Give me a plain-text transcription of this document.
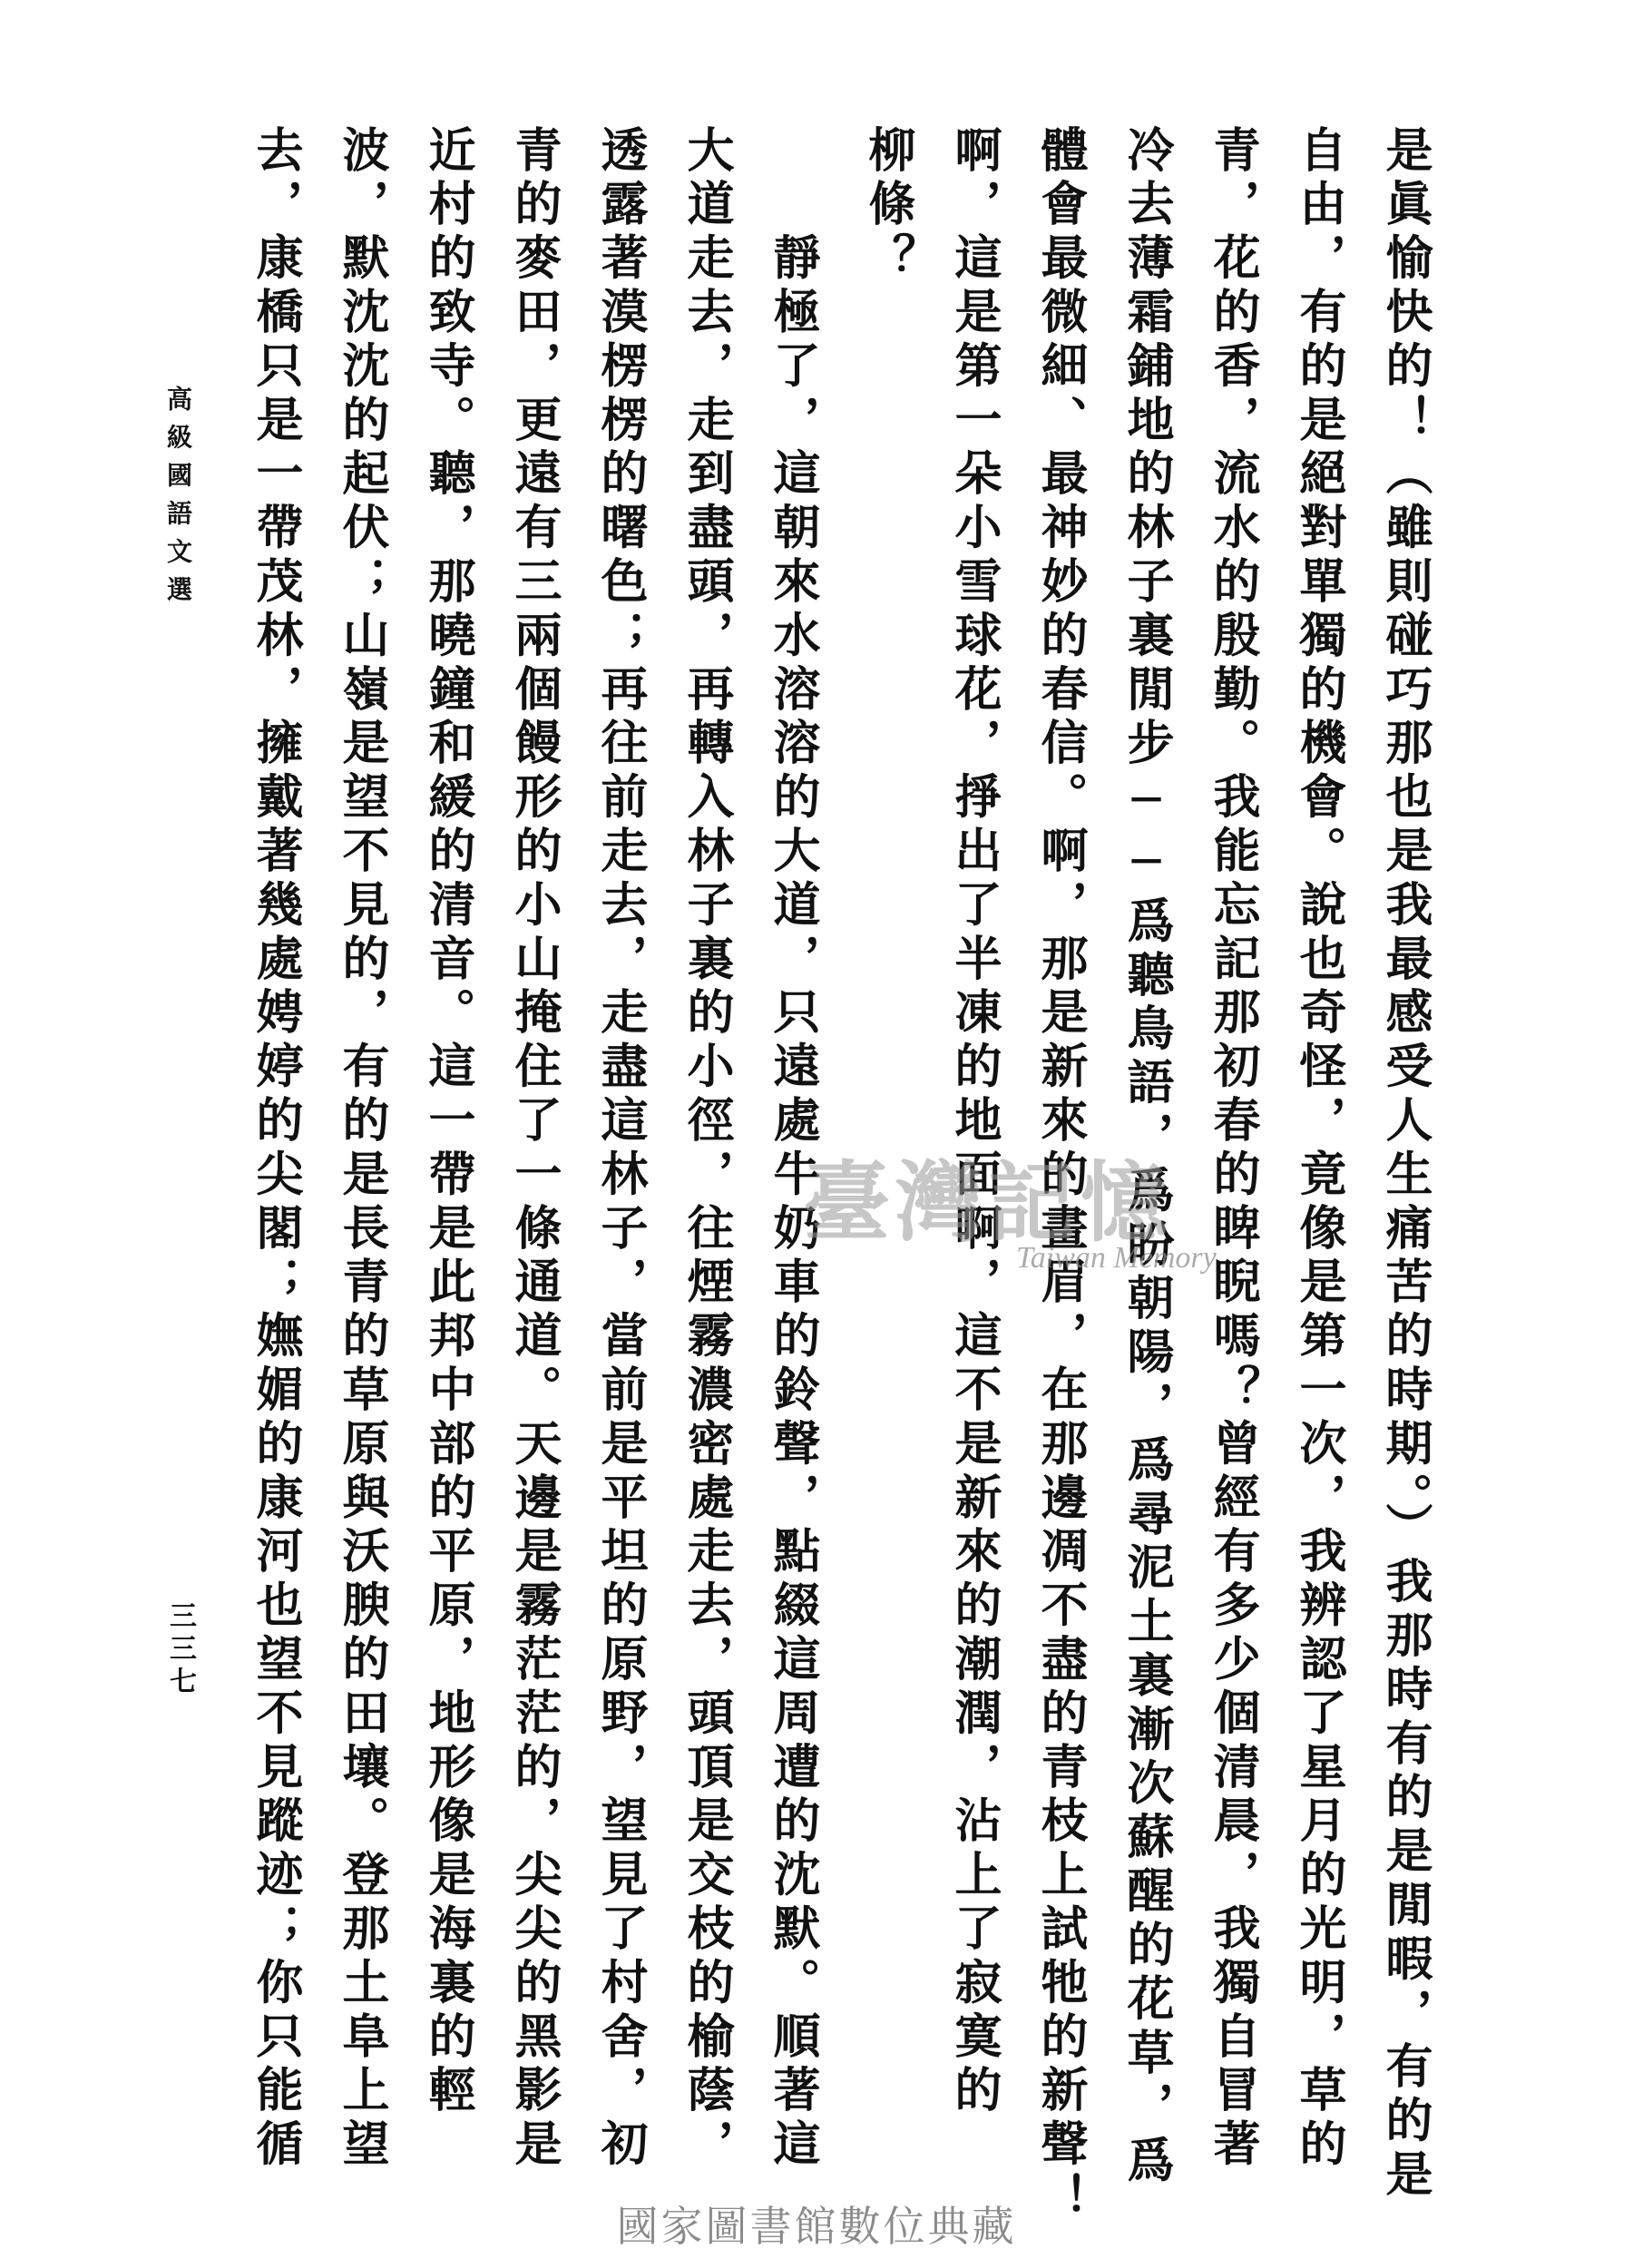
是眞愉快的！（雖則碰巧那也是我最感受人生痛苦的時期。）我那時有的是閒暇，有的是
自由，有的是絕對單獨的機會。說也奇怪，竟像是第一次，我辨認了星月的光明，草的
青，花的香，流水的殷勤。我能忘記那初春的睥睨嗎？曾經有多少個清晨，我獨自冒著
冷去薄霜鋪地的林子裏閒步──爲聽鳥語，爲盼朝陽，爲尋泥土裏漸次蘇醒的花草，爲
體會最微細、最神妙的春信。啊，那是新來的畫眉，在那邊凋不盡的青枝上試牠的新聲！
啊，這是第一朵小雪球花，掙出了半凍的地面啊，這不是新來的潮潤，沾上了寂寞的
柳條？
　　靜極了，這朝來水溶溶的大道，只遠處牛奶車的鈴聲，點綴這周遭的沈默。順著這
大道走去，走到盡頭，再轉入林子裏的小徑，往煙霧濃密處走去，頭頂是交枝的榆蔭，
透露著漠楞楞的曙色；再往前走去，走盡這林子，當前是平坦的原野，望見了村舍，初
青的麥田，更遠有三兩個饅形的小山掩住了一條通道。天邊是霧茫茫的，尖尖的黑影是
近村的致寺。聽，那曉鐘和緩的清音。這一帶是此邦中部的平原，地形像是海裏的輕
波，默沈沈的起伏；山嶺是望不見的，有的是長青的草原與沃腴的田壤。登那土阜上望
去，康橋只是一帶茂林，擁戴著幾處娉婷的尖閣；嫵媚的康河也望不見蹤迹；你只能循
高級國語文選
三三七
臺灣記憶
Taiwan Memory
國家圖書館數位典藏
